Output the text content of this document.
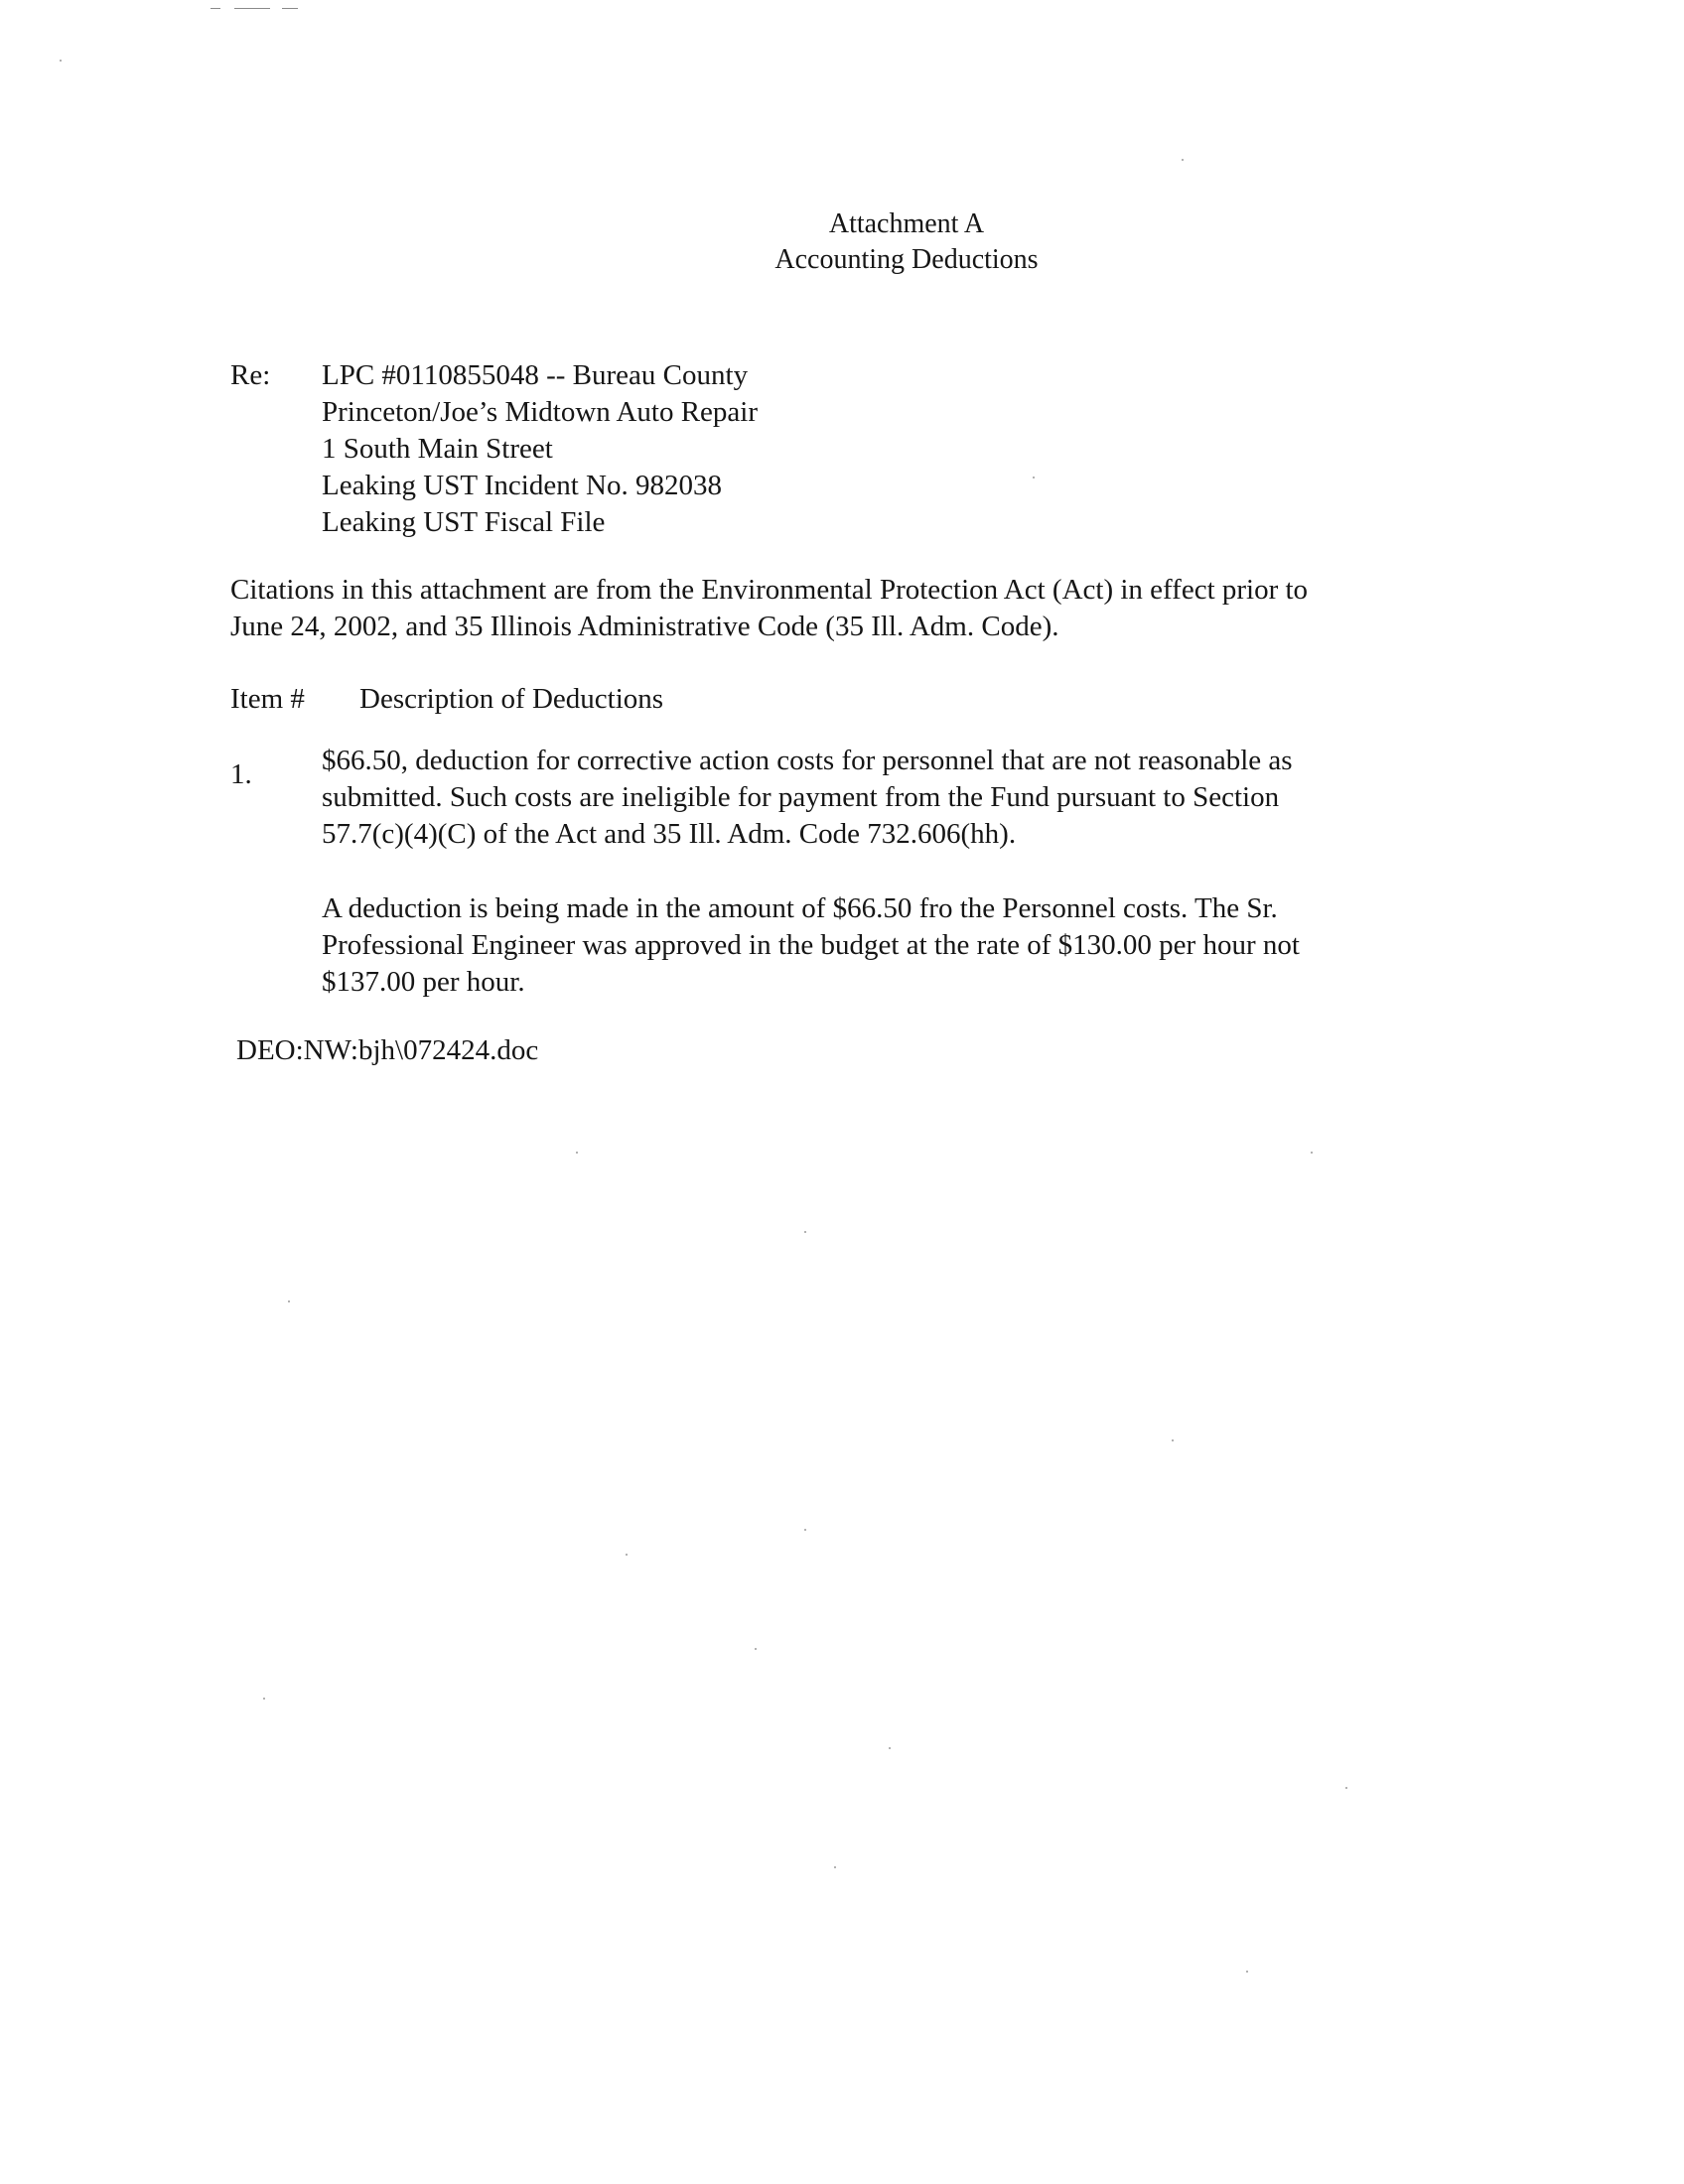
Attachment A
Accounting Deductions
Re:	LPC #0110855048 -- Bureau County
Princeton/Joe’s Midtown Auto Repair
1 South Main Street
Leaking UST Incident No. 982038
Leaking UST Fiscal File
Citations in this attachment are from the Environmental Protection Act (Act) in effect prior to
June 24, 2002, and 35 Illinois Administrative Code (35 Ill. Adm. Code).
Item # Description of Deductions
1. $66.50, deduction for corrective action costs for personnel that are not reasonable as
submitted. Such costs are ineligible for payment from the Fund pursuant to Section
57.7(c)(4)(C) of the Act and 35 Ill. Adm. Code 732.606(hh).
A deduction is being made in the amount of $66.50 fro the Personnel costs. The Sr.
Professional Engineer was approved in the budget at the rate of $130.00 per hour not
$137.00 per hour.
DEO:NW:bjh\072424.doc
